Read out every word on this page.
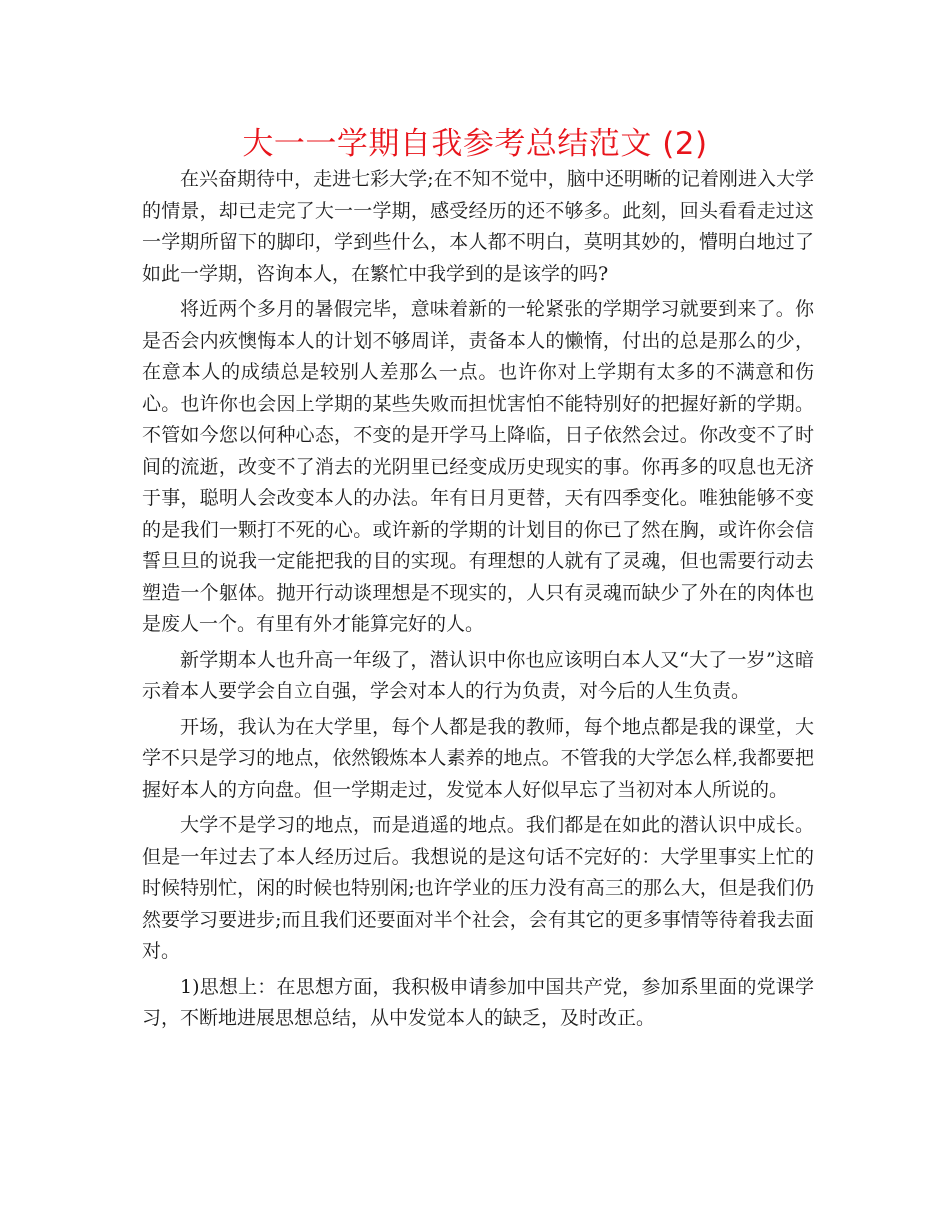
大一一学期自我参考总结范文 (2)

在兴奋期待中，走进七彩大学;在不知不觉中，脑中还明晰的记着刚进入大学的情景，却已走完了大一一学期，感受经历的还不够多。此刻，回头看看走过这一学期所留下的脚印，学到些什么，本人都不明白，莫明其妙的，懵明白地过了如此一学期，咨询本人，在繁忙中我学到的是该学的吗?

将近两个多月的暑假完毕，意味着新的一轮紧张的学期学习就要到来了。你是否会内疚懊悔本人的计划不够周详，责备本人的懒惰，付出的总是那么的少，在意本人的成绩总是较别人差那么一点。也许你对上学期有太多的不满意和伤心。也许你也会因上学期的某些失败而担忧害怕不能特别好的把握好新的学期。不管如今您以何种心态，不变的是开学马上降临，日子依然会过。你改变不了时间的流逝，改变不了消去的光阴里已经变成历史现实的事。你再多的叹息也无济于事，聪明人会改变本人的办法。年有日月更替，天有四季变化。唯独能够不变的是我们一颗打不死的心。或许新的学期的计划目的你已了然在胸，或许你会信誓旦旦的说我一定能把我的目的实现。有理想的人就有了灵魂，但也需要行动去塑造一个躯体。抛开行动谈理想是不现实的，人只有灵魂而缺少了外在的肉体也是废人一个。有里有外才能算完好的人。

新学期本人也升高一年级了，潜认识中你也应该明白本人又“大了一岁”这暗示着本人要学会自立自强，学会对本人的行为负责，对今后的人生负责。

开场，我认为在大学里，每个人都是我的教师，每个地点都是我的课堂，大学不只是学习的地点，依然锻炼本人素养的地点。不管我的大学怎么样,我都要把握好本人的方向盘。但一学期走过，发觉本人好似早忘了当初对本人所说的。

大学不是学习的地点，而是逍遥的地点。我们都是在如此的潜认识中成长。但是一年过去了本人经历过后。我想说的是这句话不完好的：大学里事实上忙的时候特别忙，闲的时候也特别闲;也许学业的压力没有高三的那么大，但是我们仍然要学习要进步;而且我们还要面对半个社会，会有其它的更多事情等待着我去面对。

1)思想上：在思想方面，我积极申请参加中国共产党，参加系里面的党课学习，不断地进展思想总结，从中发觉本人的缺乏，及时改正。
